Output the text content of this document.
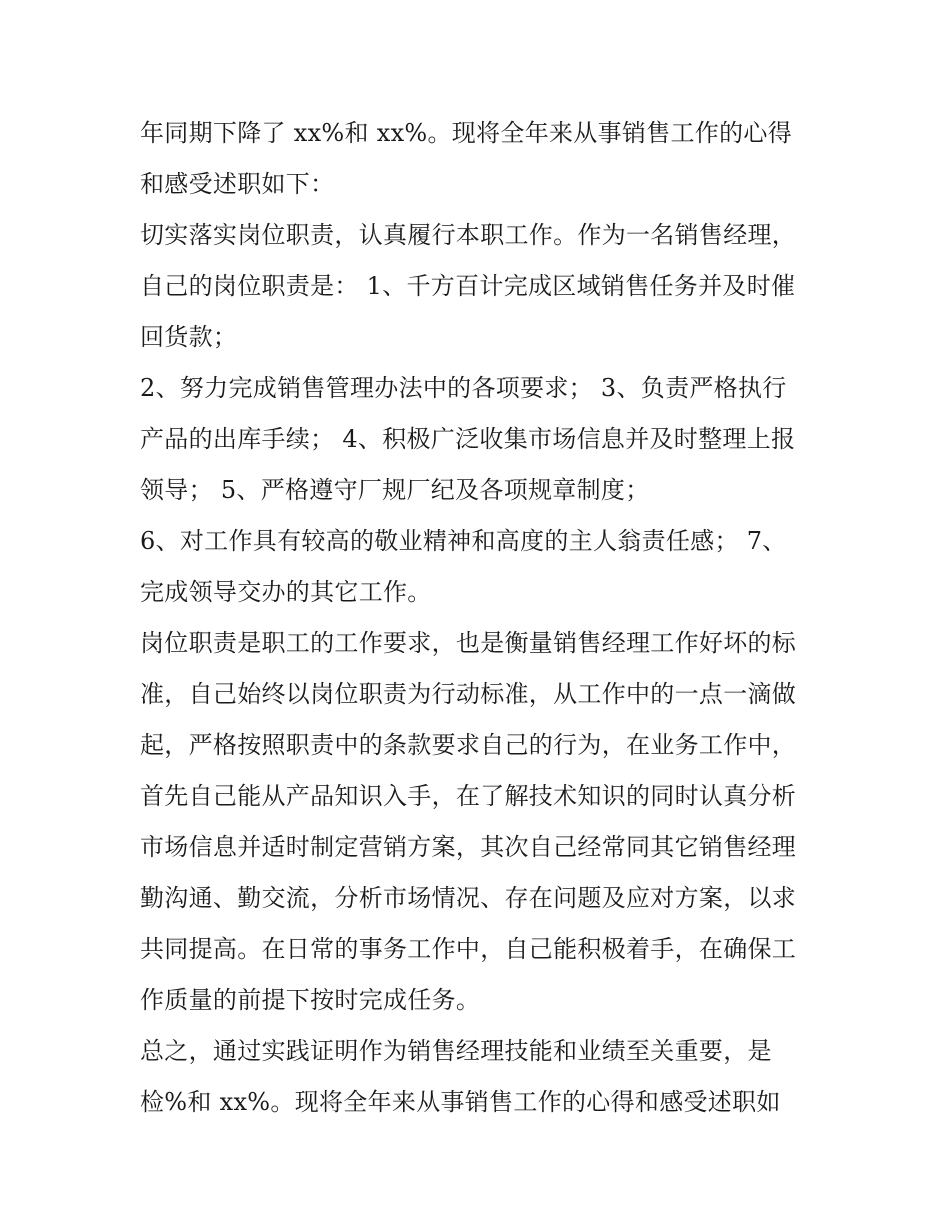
年同期下降了 xx%和 xx%。现将全年来从事销售工作的心得
和感受述职如下：
切实落实岗位职责，认真履行本职工作。作为一名销售经理，
自己的岗位职责是： 1、千方百计完成区域销售任务并及时催
回货款；
2、努力完成销售管理办法中的各项要求； 3、负责严格执行
产品的出库手续； 4、积极广泛收集市场信息并及时整理上报
领导； 5、严格遵守厂规厂纪及各项规章制度；
6、对工作具有较高的敬业精神和高度的主人翁责任感； 7、
完成领导交办的其它工作。
岗位职责是职工的工作要求，也是衡量销售经理工作好坏的标
准，自己始终以岗位职责为行动标准，从工作中的一点一滴做
起，严格按照职责中的条款要求自己的行为，在业务工作中，
首先自己能从产品知识入手，在了解技术知识的同时认真分析
市场信息并适时制定营销方案，其次自己经常同其它销售经理
勤沟通、勤交流，分析市场情况、存在问题及应对方案，以求
共同提高。在日常的事务工作中，自己能积极着手，在确保工
作质量的前提下按时完成任务。
总之，通过实践证明作为销售经理技能和业绩至关重要，是
检%和 xx%。现将全年来从事销售工作的心得和感受述职如
